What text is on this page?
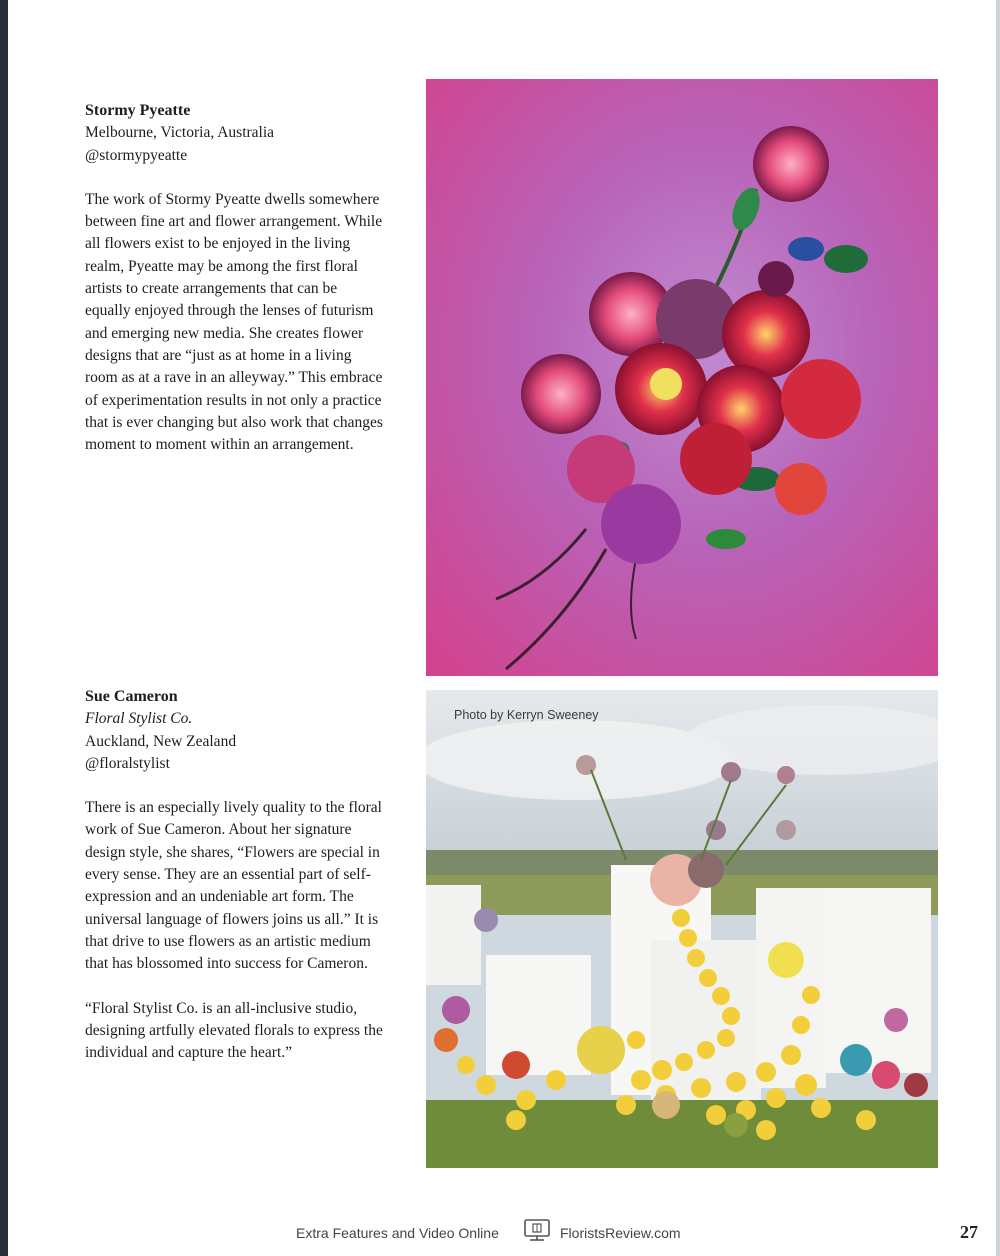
Stormy Pyeatte
Melbourne, Victoria, Australia
@stormypyeatte

The work of Stormy Pyeatte dwells somewhere between fine art and flower arrangement. While all flowers exist to be enjoyed in the living realm, Pyeatte may be among the first floral artists to create arrangements that can be equally enjoyed through the lenses of futurism and emerging new media. She creates flower designs that are “just as at home in a living room as at a rave in an alleyway.” This embrace of experimentation results in not only a practice that is ever changing but also work that changes moment to moment within an arrangement.

Sue Cameron
Floral Stylist Co.
Auckland, New Zealand
@floralstylist

There is an especially lively quality to the floral work of Sue Cameron. About her signature design style, she shares, “Flowers are special in every sense. They are an essential part of self-expression and an undeniable art form. The universal language of flowers joins us all.” It is that drive to use flowers as an artistic medium that has blossomed into success for Cameron.

“Floral Stylist Co. is an all-inclusive studio, designing artfully elevated florals to express the individual and capture the heart.”

Photo by Kerryn Sweeney
Extra Features and Video Online	FloristsReview.com	27
